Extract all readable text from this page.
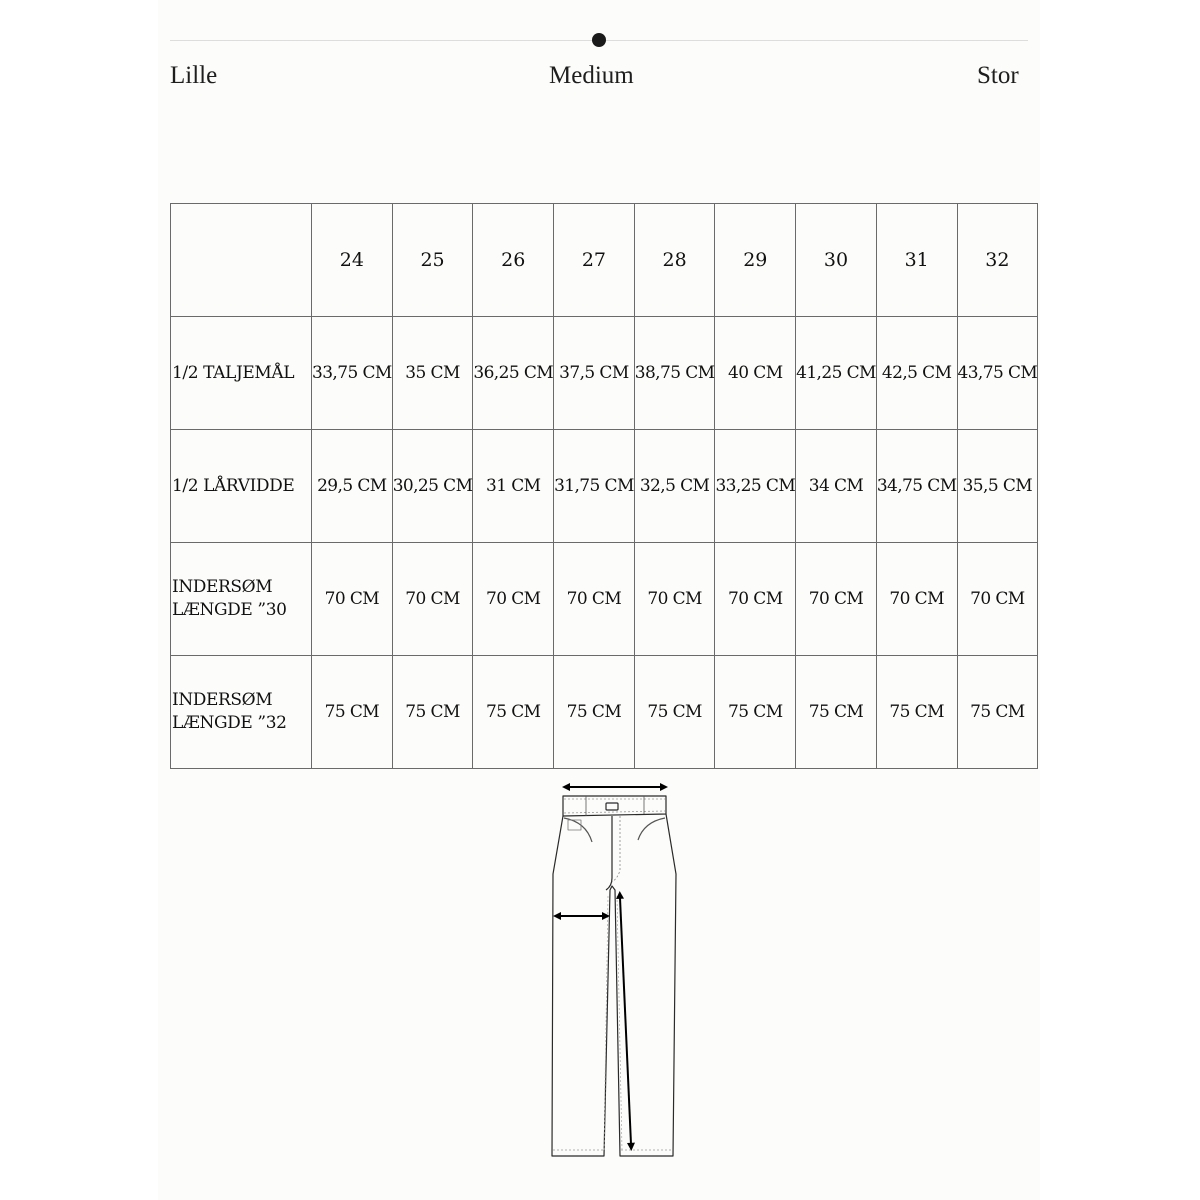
Lille	Medium	Stor
	24	25	26	27	28	29	30	31	32

1/2 TALJEMÅL	33,75 CM	35 CM	36,25 CM	37,5 CM	38,75 CM	40 CM	41,25 CM	42,5 CM	43,75 CM

1/2 LÅRVIDDE	29,5 CM	30,25 CM	31 CM	31,75 CM	32,5 CM	33,25 CM	34 CM	34,75 CM	35,5 CM

INDERSØM
LÆNGDE ”30	70 CM	70 CM	70 CM	70 CM	70 CM	70 CM	70 CM	70 CM	70 CM

INDERSØM
LÆNGDE ”32	75 CM	75 CM	75 CM	75 CM	75 CM	75 CM	75 CM	75 CM	75 CM
